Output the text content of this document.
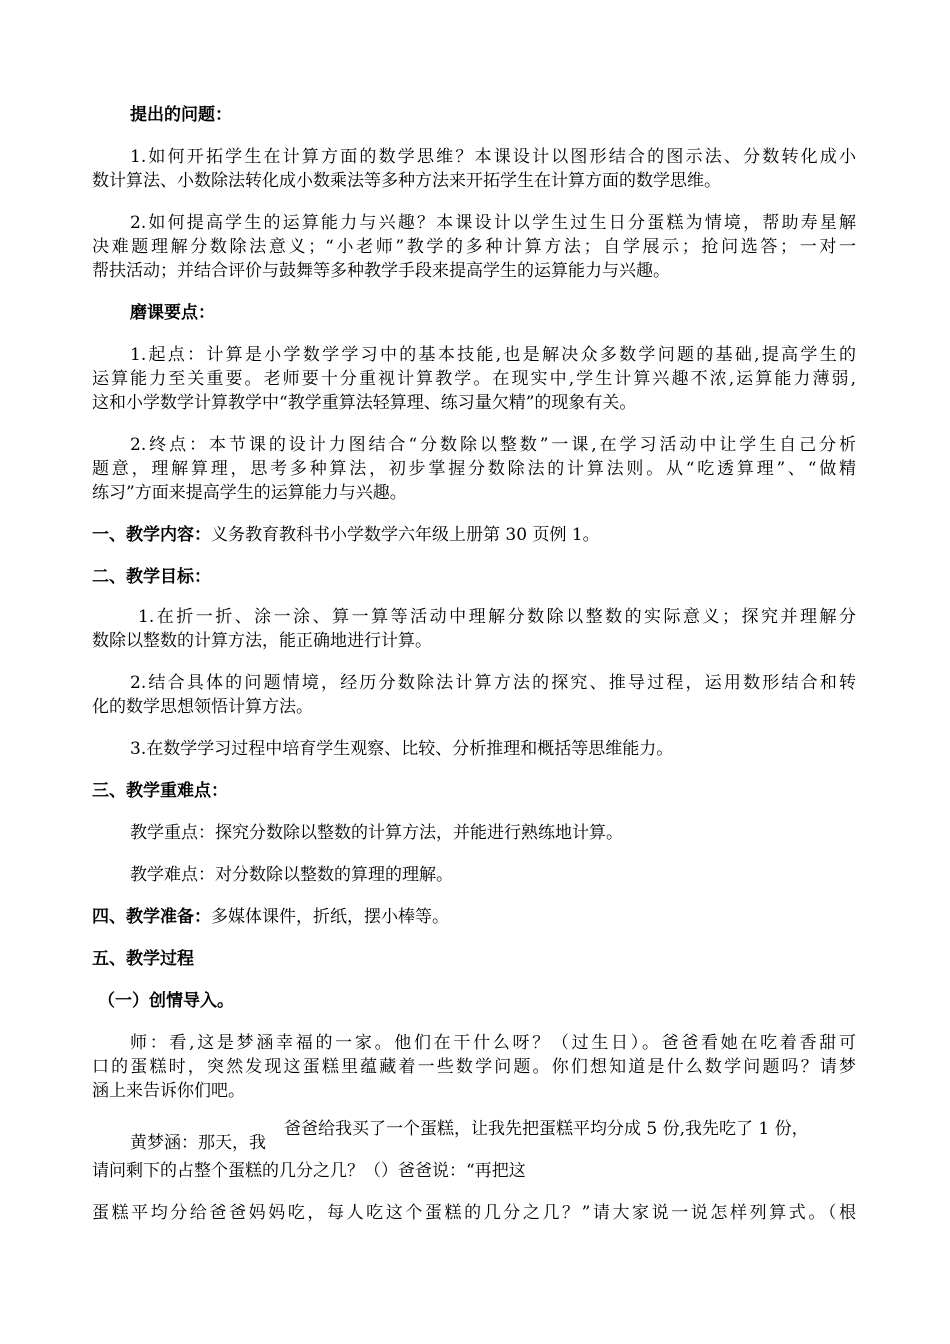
提出的问题：
1.如何开拓学生在计算方面的数学思维？本课设计以图形结合的图示法、分数转化成小
数计算法、小数除法转化成小数乘法等多种方法来开拓学生在计算方面的数学思维。
2.如何提高学生的运算能力与兴趣？本课设计以学生过生日分蛋糕为情境，帮助寿星解
决难题理解分数除法意义；“小老师”教学的多种计算方法；自学展示；抢问选答；一对一
帮扶活动；并结合评价与鼓舞等多种教学手段来提高学生的运算能力与兴趣。
磨课要点：
1.起点：计算是小学数学学习中的基本技能,也是解决众多数学问题的基础,提高学生的
运算能力至关重要。老师要十分重视计算教学。在现实中,学生计算兴趣不浓,运算能力薄弱,
这和小学数学计算教学中“教学重算法轻算理、练习量欠精”的现象有关。
2.终点：本节课的设计力图结合“分数除以整数”一课,在学习活动中让学生自己分析
题意，理解算理，思考多种算法，初步掌握分数除法的计算法则。从“吃透算理”、“做精
练习”方面来提高学生的运算能力与兴趣。
一、教学内容：义务教育教科书小学数学六年级上册第 30 页例 1。
二、教学目标：
1.在折一折、涂一涂、算一算等活动中理解分数除以整数的实际意义；探究并理解分
数除以整数的计算方法，能正确地进行计算。
2.结合具体的问题情境，经历分数除法计算方法的探究、推导过程，运用数形结合和转
化的数学思想领悟计算方法。
3.在数学学习过程中培育学生观察、比较、分析推理和概括等思维能力。
三、教学重难点：
教学重点：探究分数除以整数的计算方法，并能进行熟练地计算。
教学难点：对分数除以整数的算理的理解。
四、教学准备：多媒体课件，折纸，摆小棒等。
五、教学过程
（一）创情导入。
师：看,这是梦涵幸福的一家。他们在干什么呀？（过生日）。爸爸看她在吃着香甜可
口的蛋糕时，突然发现这蛋糕里蕴藏着一些数学问题。你们想知道是什么数学问题吗？请梦
涵上来告诉你们吧。
黄梦涵：那天，我
爸爸给我买了一个蛋糕，让我先把蛋糕平均分成 5 份,我先吃了 1 份，
请问剩下的占整个蛋糕的几分之几？（）爸爸说：“再把这
蛋糕平均分给爸爸妈妈吃，每人吃这个蛋糕的几分之几？”请大家说一说怎样列算式。（根
